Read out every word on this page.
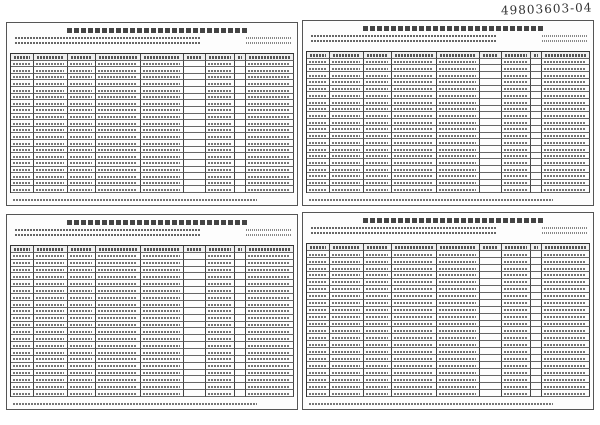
49803603-04
